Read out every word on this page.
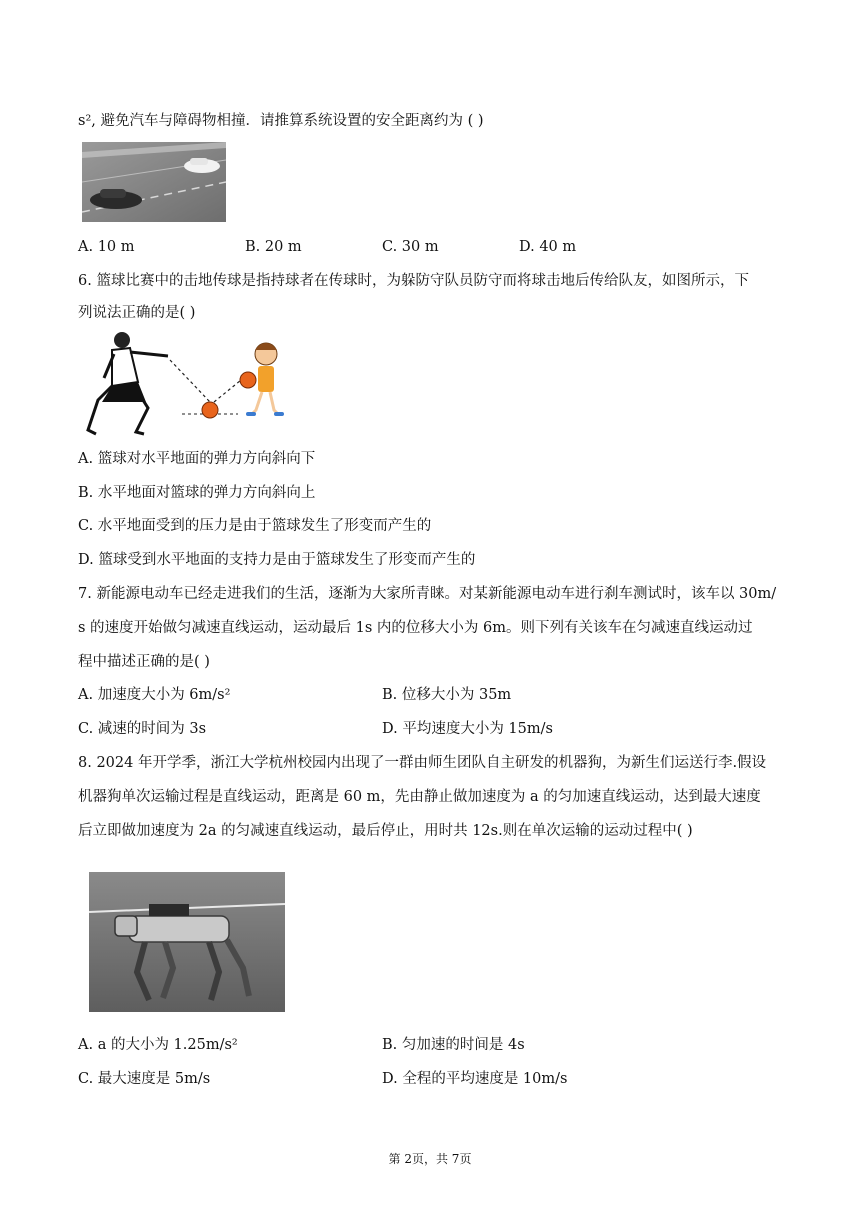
s², 避免汽车与障碍物相撞．请推算系统设置的安全距离约为 ( )
A. 10 m	B. 20 m	C. 30 m	D. 40 m
6. 篮球比赛中的击地传球是指持球者在传球时，为躲防守队员防守而将球击地后传给队友，如图所示，下
列说法正确的是( )
A. 篮球对水平地面的弹力方向斜向下
B. 水平地面对篮球的弹力方向斜向上
C. 水平地面受到的压力是由于篮球发生了形变而产生的
D. 篮球受到水平地面的支持力是由于篮球发生了形变而产生的
7. 新能源电动车已经走进我们的生活，逐渐为大家所青睐。对某新能源电动车进行刹车测试时，该车以 30m/
s 的速度开始做匀减速直线运动，运动最后 1s 内的位移大小为 6m。则下列有关该车在匀减速直线运动过
程中描述正确的是( )
A. 加速度大小为 6m/s²	B. 位移大小为 35m
C. 减速的时间为 3s	D. 平均速度大小为 15m/s
8. 2024 年开学季，浙江大学杭州校园内出现了一群由师生团队自主研发的机器狗，为新生们运送行李.假设
机器狗单次运输过程是直线运动，距离是 60 m，先由静止做加速度为 a 的匀加速直线运动，达到最大速度
后立即做加速度为 2a 的匀减速直线运动，最后停止，用时共 12s.则在单次运输的运动过程中( )
A. a 的大小为 1.25m/s²	B. 匀加速的时间是 4s
C. 最大速度是 5m/s	D. 全程的平均速度是 10m/s
第 2页，共 7页
